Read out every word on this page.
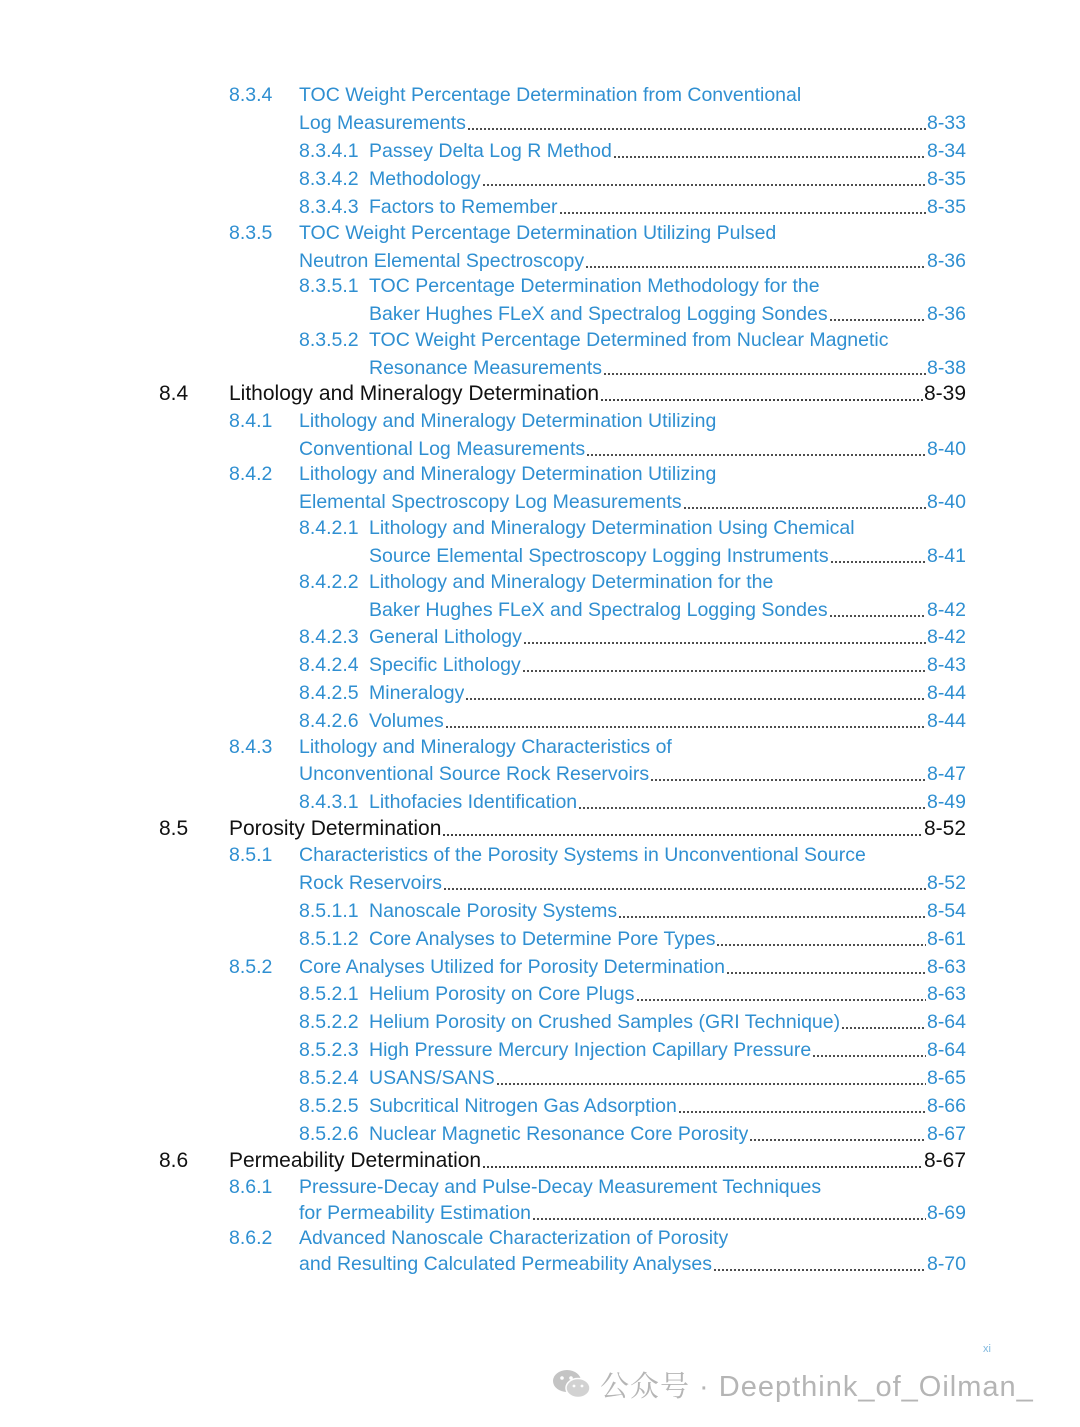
8.3.4 TOC Weight Percentage Determination from Conventional
Log Measurements	8-33
8.3.4.1 Passey Delta Log R Method	8-34
8.3.4.2 Methodology	8-35
8.3.4.3 Factors to Remember	8-35
8.3.5 TOC Weight Percentage Determination Utilizing Pulsed
Neutron Elemental Spectroscopy	8-36
8.3.5.1 TOC Percentage Determination Methodology for the
Baker Hughes FLeX and Spectralog Logging Sondes	8-36
8.3.5.2 TOC Weight Percentage Determined from Nuclear Magnetic
Resonance Measurements	8-38
8.4 Lithology and Mineralogy Determination	8-39
8.4.1 Lithology and Mineralogy Determination Utilizing
Conventional Log Measurements	8-40
8.4.2 Lithology and Mineralogy Determination Utilizing
Elemental Spectroscopy Log Measurements	8-40
8.4.2.1 Lithology and Mineralogy Determination Using Chemical
Source Elemental Spectroscopy Logging Instruments	8-41
8.4.2.2 Lithology and Mineralogy Determination for the
Baker Hughes FLeX and Spectralog Logging Sondes	8-42
8.4.2.3 General Lithology	8-42
8.4.2.4 Specific Lithology	8-43
8.4.2.5 Mineralogy	8-44
8.4.2.6 Volumes	8-44
8.4.3 Lithology and Mineralogy Characteristics of
Unconventional Source Rock Reservoirs	8-47
8.4.3.1 Lithofacies Identification	8-49
8.5 Porosity Determination	8-52
8.5.1 Characteristics of the Porosity Systems in Unconventional Source
Rock Reservoirs	8-52
8.5.1.1 Nanoscale Porosity Systems	8-54
8.5.1.2 Core Analyses to Determine Pore Types	8-61
8.5.2 Core Analyses Utilized for Porosity Determination	8-63
8.5.2.1 Helium Porosity on Core Plugs	8-63
8.5.2.2 Helium Porosity on Crushed Samples (GRI Technique)	8-64
8.5.2.3 High Pressure Mercury Injection Capillary Pressure	8-64
8.5.2.4 USANS/SANS	8-65
8.5.2.5 Subcritical Nitrogen Gas Adsorption	8-66
8.5.2.6 Nuclear Magnetic Resonance Core Porosity	8-67
8.6 Permeability Determination	8-67
8.6.1 Pressure-Decay and Pulse-Decay Measurement Techniques
for Permeability Estimation	8-69
8.6.2 Advanced Nanoscale Characterization of Porosity
and Resulting Calculated Permeability Analyses	8-70
xi
公众号 · Deepthink_of_Oilman_
